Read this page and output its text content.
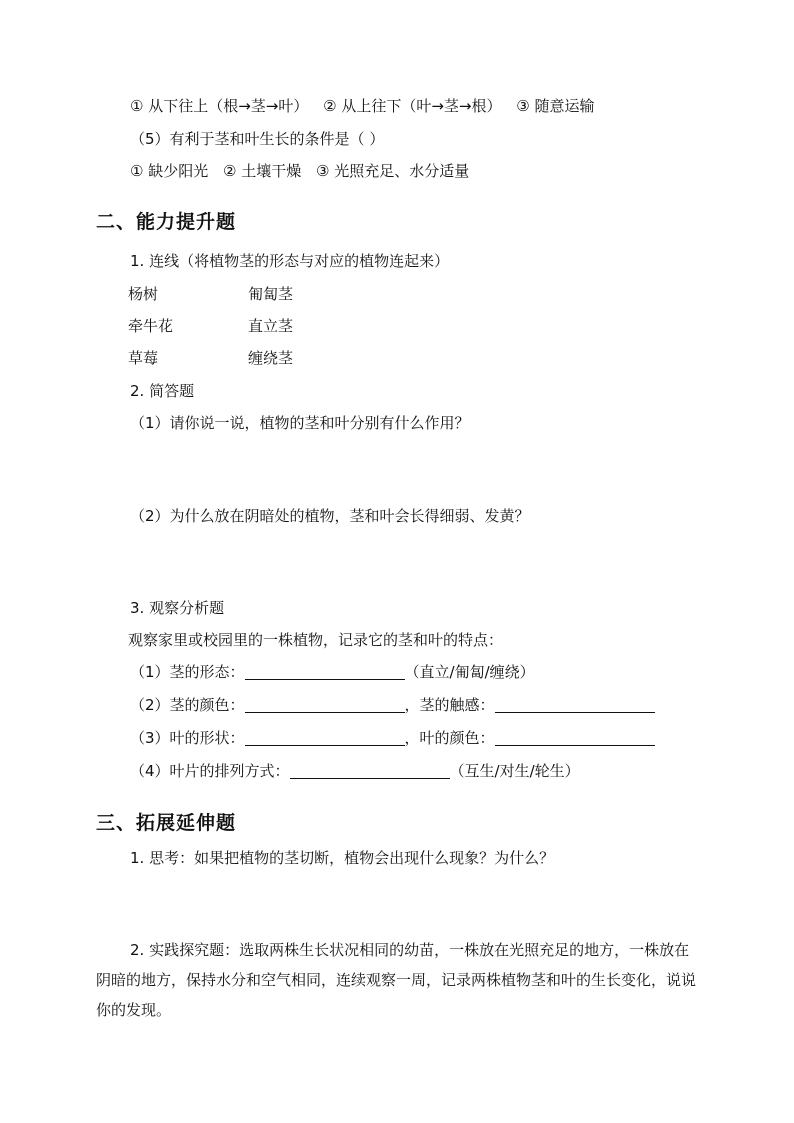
① 从下往上（根→茎→叶） ② 从上往下（叶→茎→根） ③ 随意运输
（5）有利于茎和叶生长的条件是（ ）
① 缺少阳光 ② 土壤干燥 ③ 光照充足、水分适量
二、能力提升题
1. 连线（将植物茎的形态与对应的植物连起来）
杨树	匍匐茎
牵牛花	直立茎
草莓	缠绕茎
2. 简答题
（1）请你说一说，植物的茎和叶分别有什么作用？
（2）为什么放在阴暗处的植物，茎和叶会长得细弱、发黄？
3. 观察分析题
观察家里或校园里的一株植物，记录它的茎和叶的特点：
（1）茎的形态：	（直立/匍匐/缠绕）
（2）茎的颜色：	，茎的触感：
（3）叶的形状：	，叶的颜色：
（4）叶片的排列方式：	（互生/对生/轮生）
三、拓展延伸题
1. 思考：如果把植物的茎切断，植物会出现什么现象？为什么？
2. 实践探究题：选取两株生长状况相同的幼苗，一株放在光照充足的地方，一株放在阴暗的地方，保持水分和空气相同，连续观察一周，记录两株植物茎和叶的生长变化，说说你的发现。
